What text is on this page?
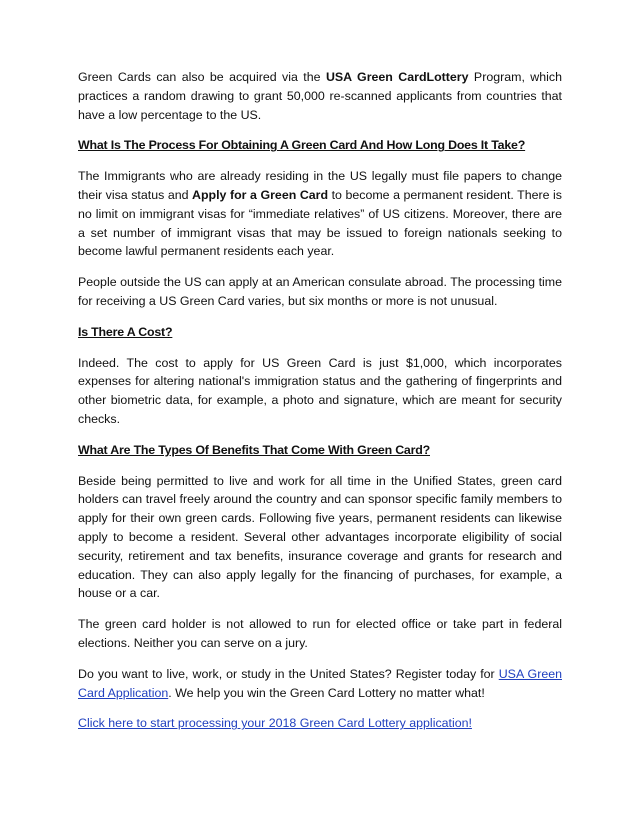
Green Cards can also be acquired via the USA Green CardLottery Program, which practices a random drawing to grant 50,000 re-scanned applicants from countries that have a low percentage to the US.

What Is The Process For Obtaining A Green Card And How Long Does It Take?

The Immigrants who are already residing in the US legally must file papers to change their visa status and Apply for a Green Card to become a permanent resident. There is no limit on immigrant visas for “immediate relatives” of US citizens. Moreover, there are a set number of immigrant visas that may be issued to foreign nationals seeking to become lawful permanent residents each year.

People outside the US can apply at an American consulate abroad. The processing time for receiving a US Green Card varies, but six months or more is not unusual.

Is There A Cost?

Indeed. The cost to apply for US Green Card is just $1,000, which incorporates expenses for altering national's immigration status and the gathering of fingerprints and other biometric data, for example, a photo and signature, which are meant for security checks.

What Are The Types Of Benefits That Come With Green Card?

Beside being permitted to live and work for all time in the Unified States, green card holders can travel freely around the country and can sponsor specific family members to apply for their own green cards. Following five years, permanent residents can likewise apply to become a resident. Several other advantages incorporate eligibility of social security, retirement and tax benefits, insurance coverage and grants for research and education. They can also apply legally for the financing of purchases, for example, a house or a car.

The green card holder is not allowed to run for elected office or take part in federal elections. Neither you can serve on a jury.

Do you want to live, work, or study in the United States? Register today for USA Green Card Application. We help you win the Green Card Lottery no matter what!

Click here to start processing your 2018 Green Card Lottery application!
